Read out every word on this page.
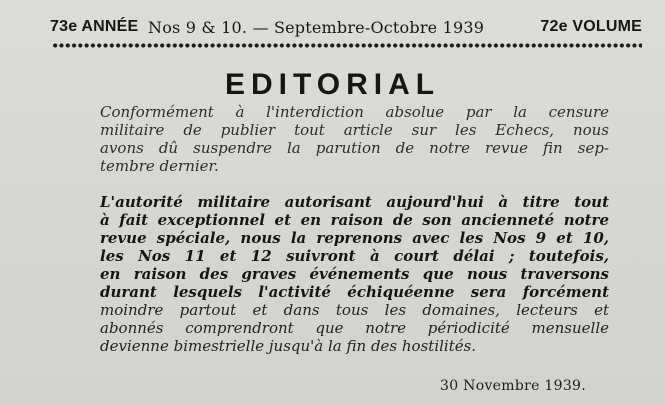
73e ANNÉE Nos 9 & 10. — Septembre-Octobre 1939	72e VOLUME
EDITORIAL
Conformément à l'interdiction absolue par la censure
militaire de publier tout article sur les Echecs, nous
avons dû suspendre la parution de notre revue fin sep-
tembre dernier.
L'autorité militaire autorisant aujourd'hui à titre tout
à fait exceptionnel et en raison de son ancienneté notre
revue spéciale, nous la reprenons avec les Nos 9 et 10,
les Nos 11 et 12 suivront à court délai ; toutefois,
en raison des graves événements que nous traversons
durant lesquels l'activité échiquéenne sera forcément
moindre partout et dans tous les domaines, lecteurs et
abonnés comprendront que notre périodicité mensuelle
devienne bimestrielle jusqu'à la fin des hostilités.
30 Novembre 1939.
